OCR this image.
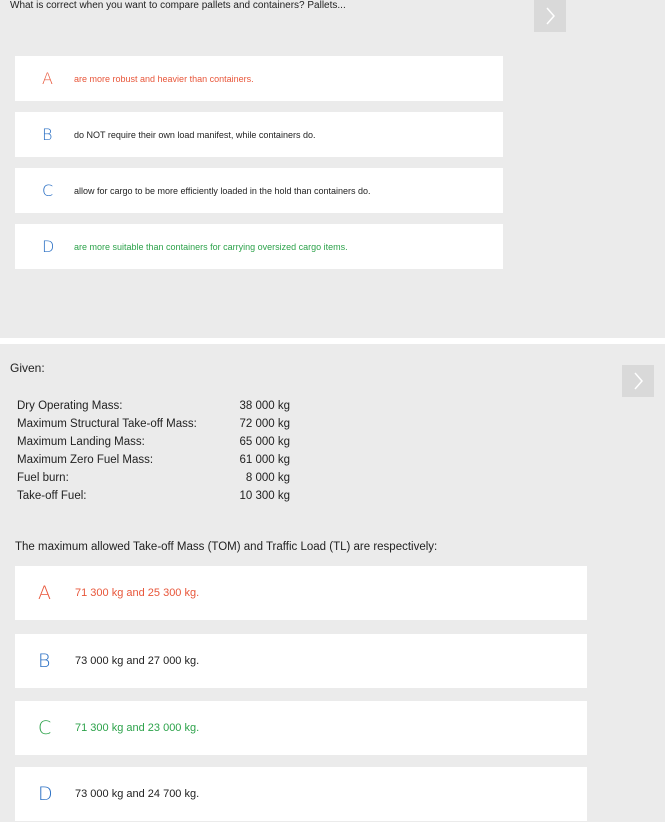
What is correct when you want to compare pallets and containers? Pallets...
A	are more robust and heavier than containers.
B	do NOT require their own load manifest, while containers do.
C	allow for cargo to be more efficiently loaded in the hold than containers do.
D	are more suitable than containers for carrying oversized cargo items.
Given:
Dry Operating Mass:	38 000 kg
Maximum Structural Take-off Mass:	72 000 kg
Maximum Landing Mass:	65 000 kg
Maximum Zero Fuel Mass:	61 000 kg
Fuel burn:	8 000 kg
Take-off Fuel:	10 300 kg
The maximum allowed Take-off Mass (TOM) and Traffic Load (TL) are respectively:
A	71 300 kg and 25 300 kg.
B	73 000 kg and 27 000 kg.
C	71 300 kg and 23 000 kg.
D	73 000 kg and 24 700 kg.
